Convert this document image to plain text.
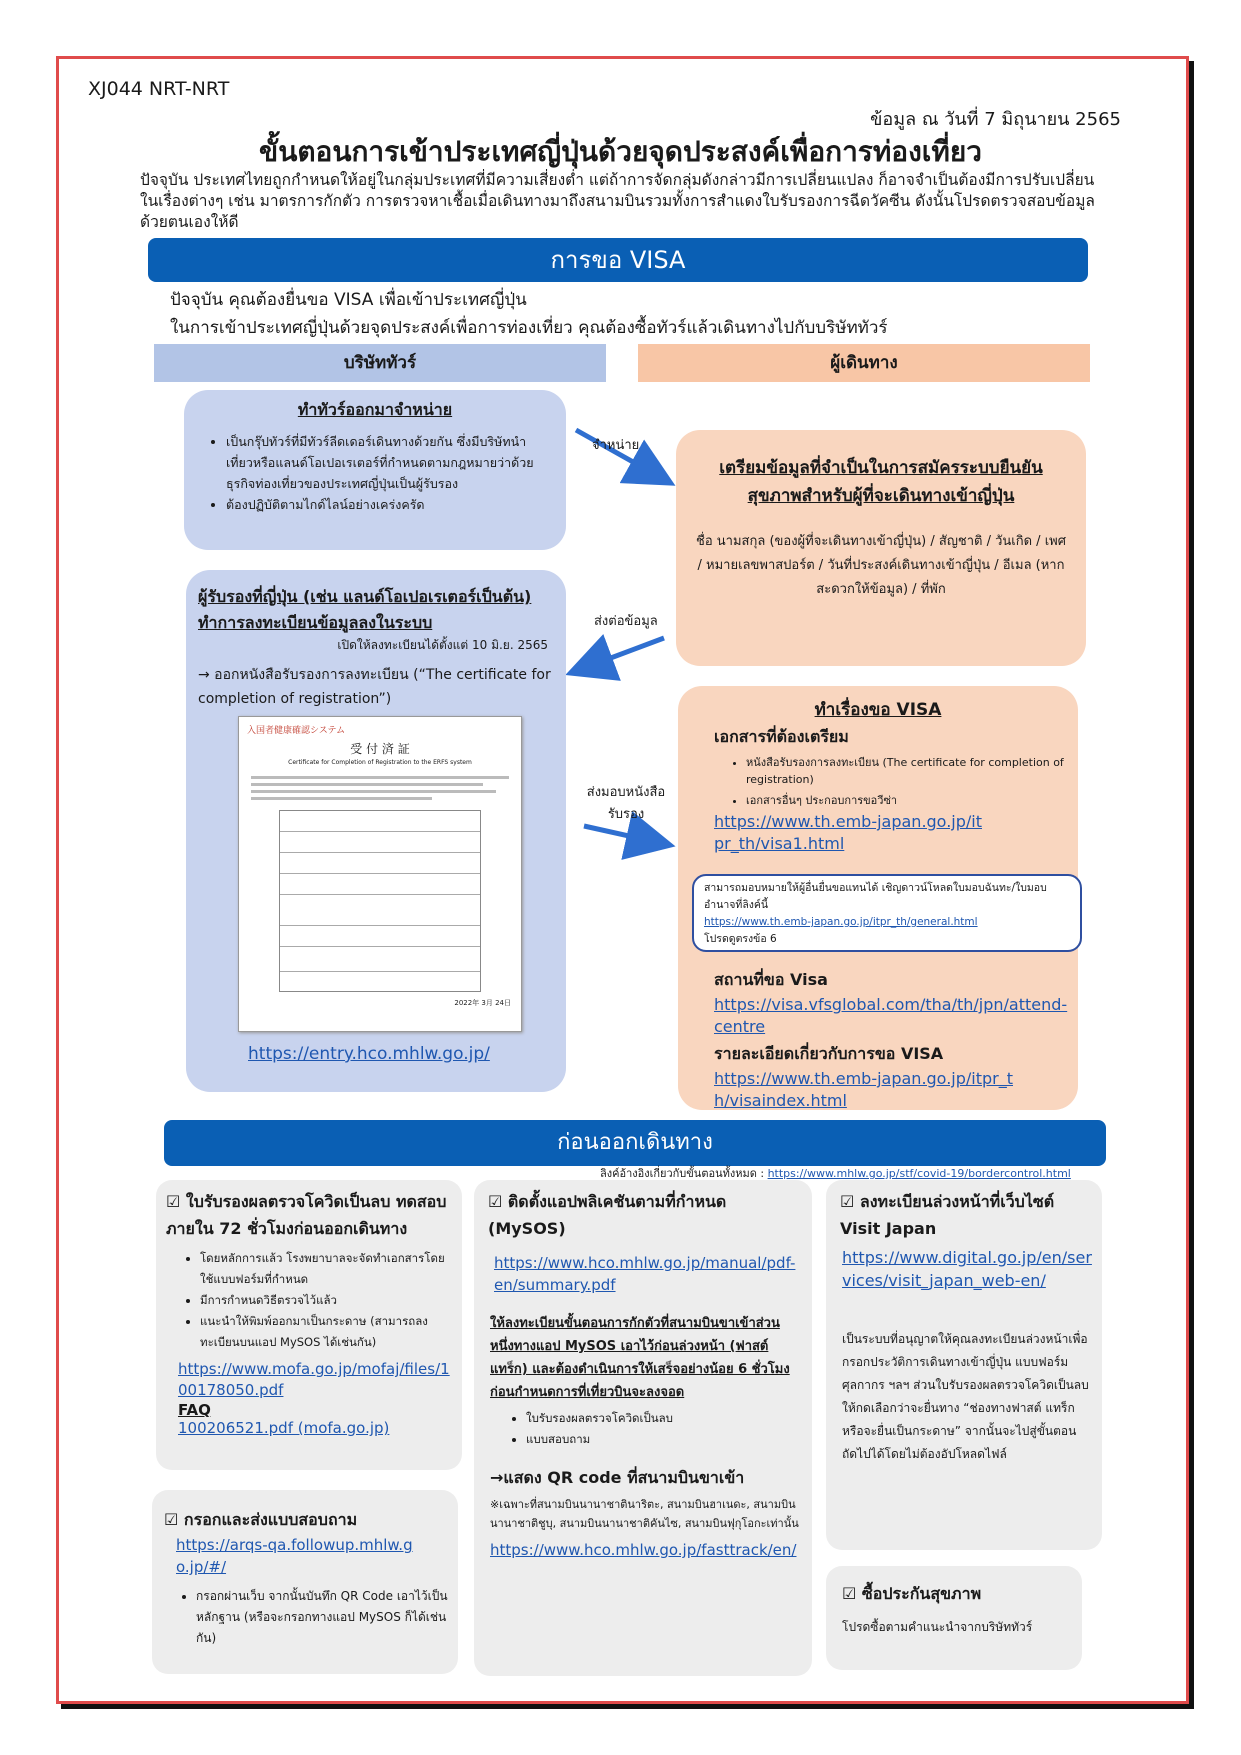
XJ044 NRT-NRT
ข้อมูล ณ วันที่ 7 มิถุนายน 2565
ขั้นตอนการเข้าประเทศญี่ปุ่นด้วยจุดประสงค์เพื่อการท่องเที่ยว
ปัจจุบัน ประเทศไทยถูกกำหนดให้อยู่ในกลุ่มประเทศที่มีความเสี่ยงต่ำ แต่ถ้าการจัดกลุ่มดังกล่าวมีการเปลี่ยนแปลง ก็อาจจำเป็นต้องมีการปรับเปลี่ยนในเรื่องต่างๆ เช่น มาตรการกักตัว การตรวจหาเชื้อเมื่อเดินทางมาถึงสนามบินรวมทั้งการสำแดงใบรับรองการฉีดวัคซีน ดังนั้นโปรดตรวจสอบข้อมูลด้วยตนเองให้ดี
การขอ VISA
ปัจจุบัน คุณต้องยื่นขอ VISA เพื่อเข้าประเทศญี่ปุ่น
ในการเข้าประเทศญี่ปุ่นด้วยจุดประสงค์เพื่อการท่องเที่ยว คุณต้องซื้อทัวร์แล้วเดินทางไปกับบริษัททัวร์
บริษัททัวร์	ผู้เดินทาง
ทำทัวร์ออกมาจำหน่าย
• เป็นกรุ๊ปทัวร์ที่มีทัวร์ลีดเดอร์เดินทางด้วยกัน ซึ่งมีบริษัทนำเที่ยวหรือแลนด์โอเปอเรเตอร์ที่กำหนดตามกฎหมายว่าด้วยธุรกิจท่องเที่ยวของประเทศญี่ปุ่นเป็นผู้รับรอง
• ต้องปฏิบัติตามไกด์ไลน์อย่างเคร่งครัด
จำหน่าย
ส่งต่อข้อมูล
ส่งมอบหนังสือรับรอง
เตรียมข้อมูลที่จำเป็นในการสมัครระบบยืนยันสุขภาพสำหรับผู้ที่จะเดินทางเข้าญี่ปุ่น
ชื่อ นามสกุล (ของผู้ที่จะเดินทางเข้าญี่ปุ่น) / สัญชาติ / วันเกิด / เพศ / หมายเลขพาสปอร์ต / วันที่ประสงค์เดินทางเข้าญี่ปุ่น / อีเมล (หากสะดวกให้ข้อมูล) / ที่พัก
ผู้รับรองที่ญี่ปุ่น (เช่น แลนด์โอเปอเรเตอร์เป็นต้น) ทำการลงทะเบียนข้อมูลลงในระบบ
เปิดให้ลงทะเบียนได้ตั้งแต่ 10 มิ.ย. 2565
→ ออกหนังสือรับรองการลงทะเบียน (“The certificate for completion of registration”)
入国者健康確認システム
受 付 済 証
Certificate for Completion of Registration to the ERFS system
2022年 3月 24日
https://entry.hco.mhlw.go.jp/
ทำเรื่องขอ VISA
เอกสารที่ต้องเตรียม
• หนังสือรับรองการลงทะเบียน (The certificate for completion of registration)
• เอกสารอื่นๆ ประกอบการขอวีซ่า
https://www.th.emb-japan.go.jp/itpr_th/visa1.html
สามารถมอบหมายให้ผู้อื่นยื่นขอแทนได้ เชิญดาวน์โหลดใบมอบฉันทะ/ใบมอบอำนาจที่ลิงค์นี้
https://www.th.emb-japan.go.jp/itpr_th/general.html
โปรดดูตรงข้อ 6
สถานที่ขอ Visa
https://visa.vfsglobal.com/tha/th/jpn/attend-centre
รายละเอียดเกี่ยวกับการขอ VISA
https://www.th.emb-japan.go.jp/itpr_th/visaindex.html
ก่อนออกเดินทาง
ลิงค์อ้างอิงเกี่ยวกับขั้นตอนทั้งหมด : https://www.mhlw.go.jp/stf/covid-19/bordercontrol.html
☑ ใบรับรองผลตรวจโควิดเป็นลบ ทดสอบภายใน 72 ชั่วโมงก่อนออกเดินทาง
• โดยหลักการแล้ว โรงพยาบาลจะจัดทำเอกสารโดยใช้แบบฟอร์มที่กำหนด
• มีการกำหนดวิธีตรวจไว้แล้ว
• แนะนำให้พิมพ์ออกมาเป็นกระดาษ (สามารถลงทะเบียนบนแอป MySOS ได้เช่นกัน)
https://www.mofa.go.jp/mofaj/files/100178050.pdf
FAQ
100206521.pdf (mofa.go.jp)
☑ กรอกและส่งแบบสอบถาม
https://arqs-qa.followup.mhlw.go.jp/#/
• กรอกผ่านเว็บ จากนั้นบันทึก QR Code เอาไว้เป็นหลักฐาน (หรือจะกรอกทางแอป MySOS ก็ได้เช่นกัน)
☑ ติดตั้งแอปพลิเคชันตามที่กำหนด (MySOS)
https://www.hco.mhlw.go.jp/manual/pdf-en/summary.pdf
ให้ลงทะเบียนขั้นตอนการกักตัวที่สนามบินขาเข้าส่วนหนึ่งทางแอป MySOS เอาไว้ก่อนล่วงหน้า (ฟาสต์ แทร็ก) และต้องดำเนินการให้เสร็จอย่างน้อย 6 ชั่วโมงก่อนกำหนดการที่เที่ยวบินจะลงจอด
• ใบรับรองผลตรวจโควิดเป็นลบ
• แบบสอบถาม
→แสดง QR code ที่สนามบินขาเข้า
※เฉพาะที่สนามบินนานาชาตินาริตะ, สนามบินฮาเนดะ, สนามบินนานาชาติชูบุ, สนามบินนานาชาติคันไซ, สนามบินฟุกุโอกะเท่านั้น
https://www.hco.mhlw.go.jp/fasttrack/en/
☑ ลงทะเบียนล่วงหน้าที่เว็บไซต์ Visit Japan
https://www.digital.go.jp/en/services/visit_japan_web-en/
เป็นระบบที่อนุญาตให้คุณลงทะเบียนล่วงหน้าเพื่อกรอกประวัติการเดินทางเข้าญี่ปุ่น แบบฟอร์มศุลกากร ฯลฯ ส่วนใบรับรองผลตรวจโควิดเป็นลบให้กดเลือกว่าจะยื่นทาง “ช่องทางฟาสต์ แทร็ก หรือจะยื่นเป็นกระดาษ” จากนั้นจะไปสู่ขั้นตอนถัดไปได้โดยไม่ต้องอัปโหลดไฟล์
☑ ซื้อประกันสุขภาพ
โปรดซื้อตามคำแนะนำจากบริษัททัวร์
